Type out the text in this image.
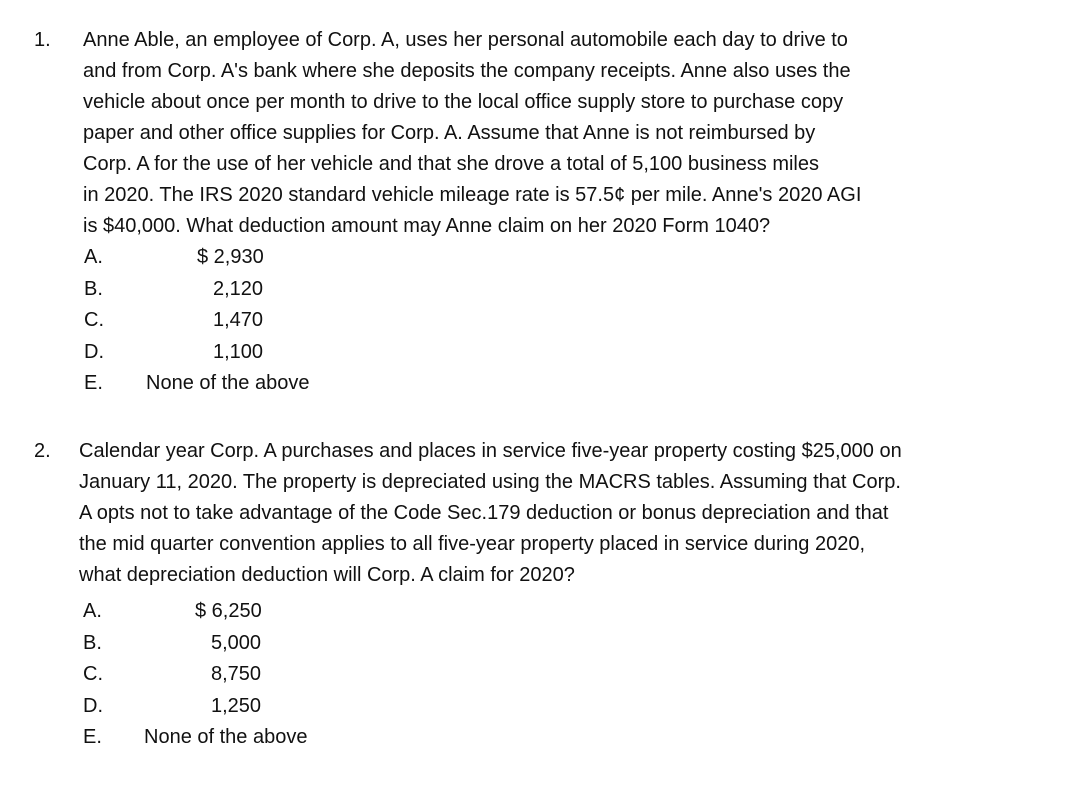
1. Anne Able, an employee of Corp. A, uses her personal automobile each day to drive to
and from Corp. A's bank where she deposits the company receipts. Anne also uses the
vehicle about once per month to drive to the local office supply store to purchase copy
paper and other office supplies for Corp. A. Assume that Anne is not reimbursed by
Corp. A for the use of her vehicle and that she drove a total of 5,100 business miles
in 2020. The IRS 2020 standard vehicle mileage rate is 57.5¢ per mile. Anne's 2020 AGI
is $40,000. What deduction amount may Anne claim on her 2020 Form 1040?
A.	$ 2,930
B.	2,120
C.	1,470
D.	1,100
E. None of the above
2. Calendar year Corp. A purchases and places in service five-year property costing $25,000 on
January 11, 2020. The property is depreciated using the MACRS tables. Assuming that Corp.
A opts not to take advantage of the Code Sec.179 deduction or bonus depreciation and that
the mid quarter convention applies to all five-year property placed in service during 2020,
what depreciation deduction will Corp. A claim for 2020?
A.	$ 6,250
B.	5,000
C.	8,750
D.	1,250
E. None of the above
